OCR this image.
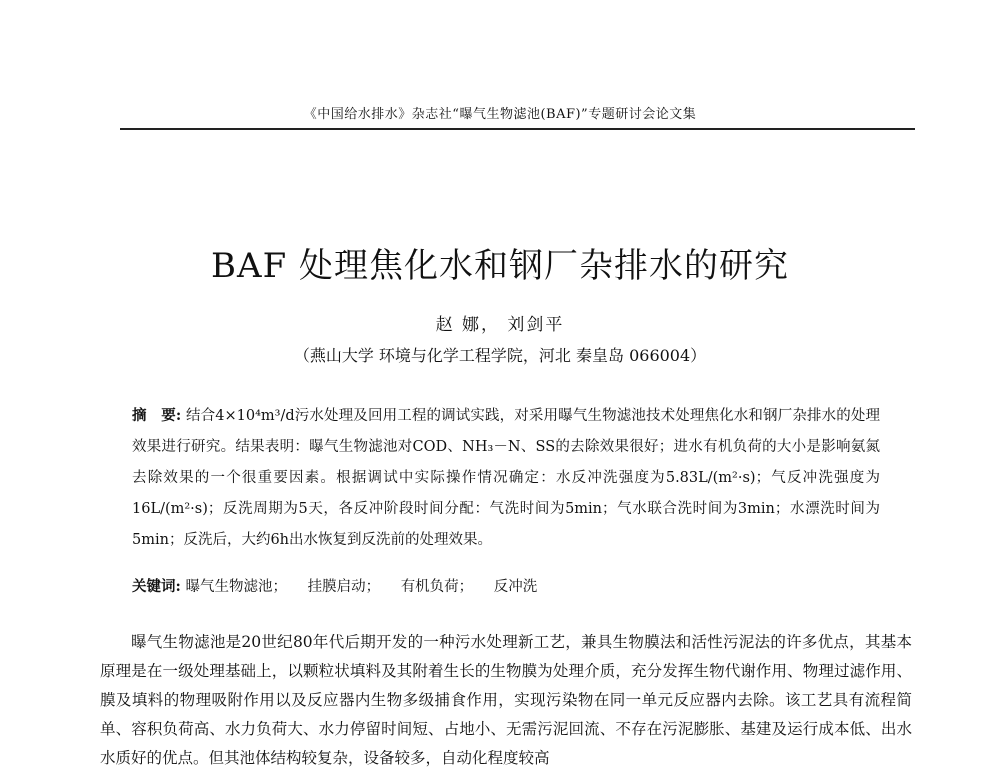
《中国给水排水》杂志社“曝气生物滤池(BAF)”专题研讨会论文集
BAF 处理焦化水和钢厂杂排水的研究
赵 娜， 刘剑平
（燕山大学 环境与化学工程学院，河北 秦皇岛 066004）

摘　要: 结合4×10⁴m³/d污水处理及回用工程的调试实践，对采用曝气生物滤池技术处理焦化水和钢厂杂排水的处理效果进行研究。结果表明：曝气生物滤池对COD、NH₃－N、SS的去除效果很好；进水有机负荷的大小是影响氨氮去除效果的一个很重要因素。根据调试中实际操作情况确定：水反冲洗强度为5.83L/(m²·s)；气反冲洗强度为16L/(m²·s)；反洗周期为5天，各反冲阶段时间分配：气洗时间为5min；气水联合洗时间为3min；水漂洗时间为5min；反洗后，大约6h出水恢复到反洗前的处理效果。

关键词: 曝气生物滤池； 挂膜启动； 有机负荷； 反冲洗

曝气生物滤池是20世纪80年代后期开发的一种污水处理新工艺，兼具生物膜法和活性污泥法的许多优点，其基本原理是在一级处理基础上，以颗粒状填料及其附着生长的生物膜为处理介质，充分发挥生物代谢作用、物理过滤作用、膜及填料的物理吸附作用以及反应器内生物多级捕食作用，实现污染物在同一单元反应器内去除。该工艺具有流程简单、容积负荷高、水力负荷大、水力停留时间短、占地小、无需污泥回流、不存在污泥膨胀、基建及运行成本低、出水水质好的优点。但其池体结构较复杂，设备较多，自动化程度较高
